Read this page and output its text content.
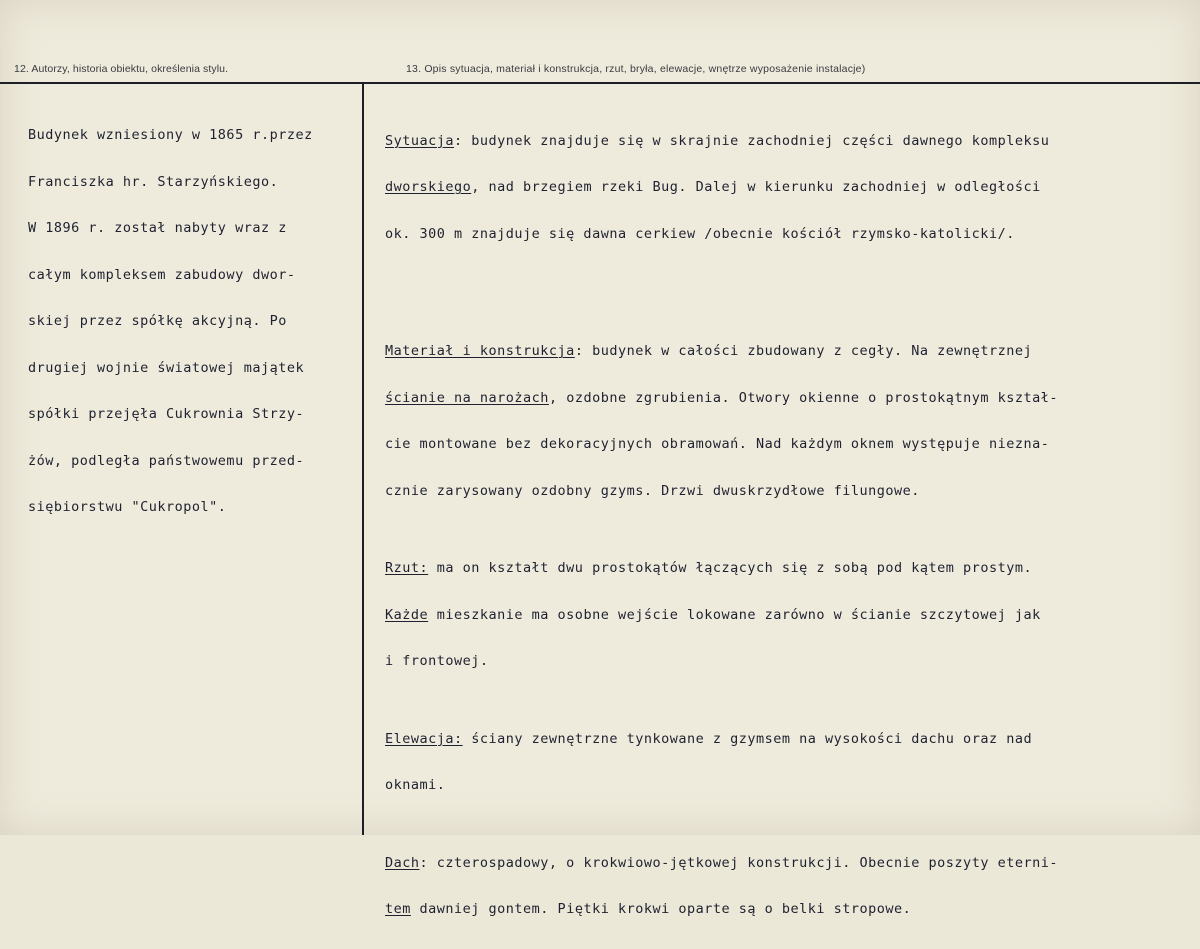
12. Autorzy, historia obiektu, określenia stylu.	13. Opis sytuacja, materiał i konstrukcja, rzut, bryła, elewacje, wnętrze wyposażenie instalacje)

Budynek wzniesiony w 1865 r.przez

Franciszka hr. Starzyńskiego.

W 1896 r. został nabyty wraz z

całym kompleksem zabudowy dwor-

skiej przez spółkę akcyjną. Po

drugiej wojnie światowej majątek

spółki przejęła Cukrownia Strzy-

żów, podległa państwowemu przed-

siębiorstwu "Cukropol".

Sytuacja: budynek znajduje się w skrajnie zachodniej części dawnego kompleksu

dworskiego, nad brzegiem rzeki Bug. Dalej w kierunku zachodniej w odległości

ok. 300 m znajduje się dawna cerkiew /obecnie kościół rzymsko-katolicki/.

Materiał i konstrukcja: budynek w całości zbudowany z cegły. Na zewnętrznej

ścianie na narożach, ozdobne zgrubienia. Otwory okienne o prostokątnym kształ-

cie montowane bez dekoracyjnych obramowań. Nad każdym oknem występuje niezna-

cznie zarysowany ozdobny gzyms. Drzwi dwuskrzydłowe filungowe.

Rzut: ma on kształt dwu prostokątów łączących się z sobą pod kątem prostym.

Każde mieszkanie ma osobne wejście lokowane zarówno w ścianie szczytowej jak

i frontowej.

Elewacja: ściany zewnętrzne tynkowane z gzymsem na wysokości dachu oraz nad

oknami.

Dach: czterospadowy, o krokwiowo-jętkowej konstrukcji. Obecnie poszyty eterni-

tem dawniej gontem. Piętki krokwi oparte są o belki stropowe.
